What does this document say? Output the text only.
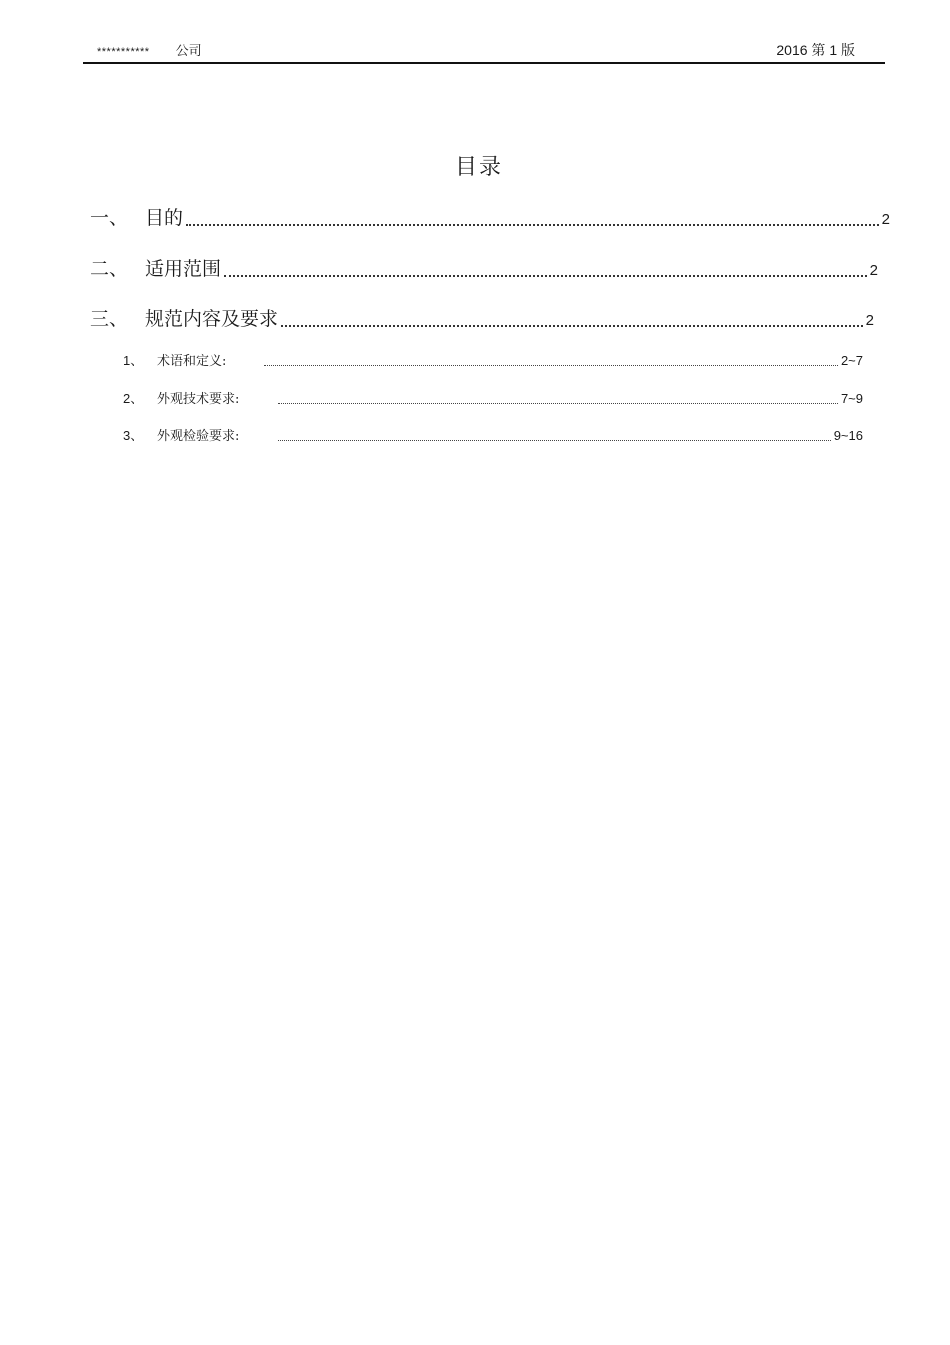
*********** 公司	2016 第 1 版
目录
一、 目的	2
二、 适用范围	2
三、 规范内容及要求	2
1、	术语和定义:	2~7
2、	外观技术要求:	7~9
3、	外观检验要求:	9~16
